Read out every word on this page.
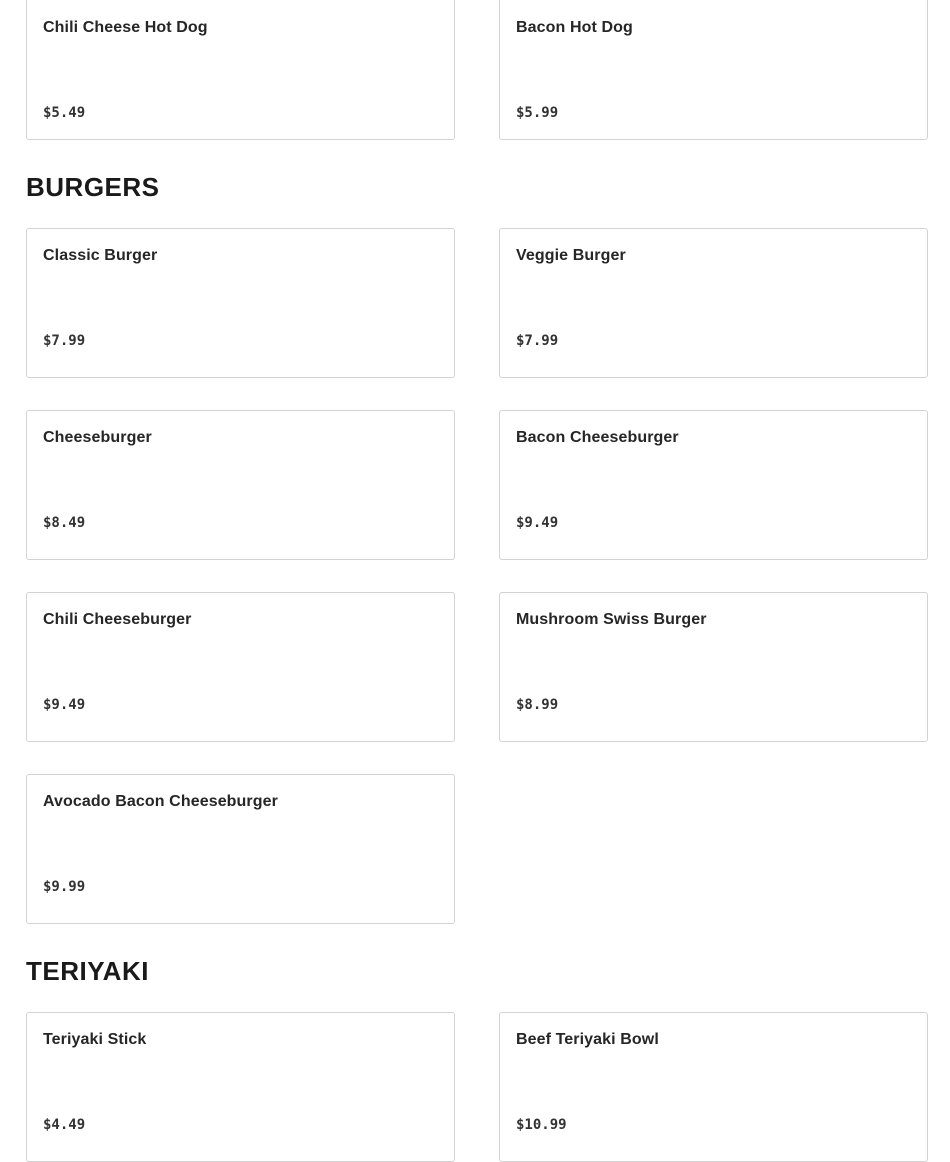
Chili Cheese Hot Dog
$5.49
Bacon Hot Dog
$5.99
BURGERS
Classic Burger
$7.99
Veggie Burger
$7.99
Cheeseburger
$8.49
Bacon Cheeseburger
$9.49
Chili Cheeseburger
$9.49
Mushroom Swiss Burger
$8.99
Avocado Bacon Cheeseburger
$9.99
TERIYAKI
Teriyaki Stick
$4.49
Beef Teriyaki Bowl
$10.99
